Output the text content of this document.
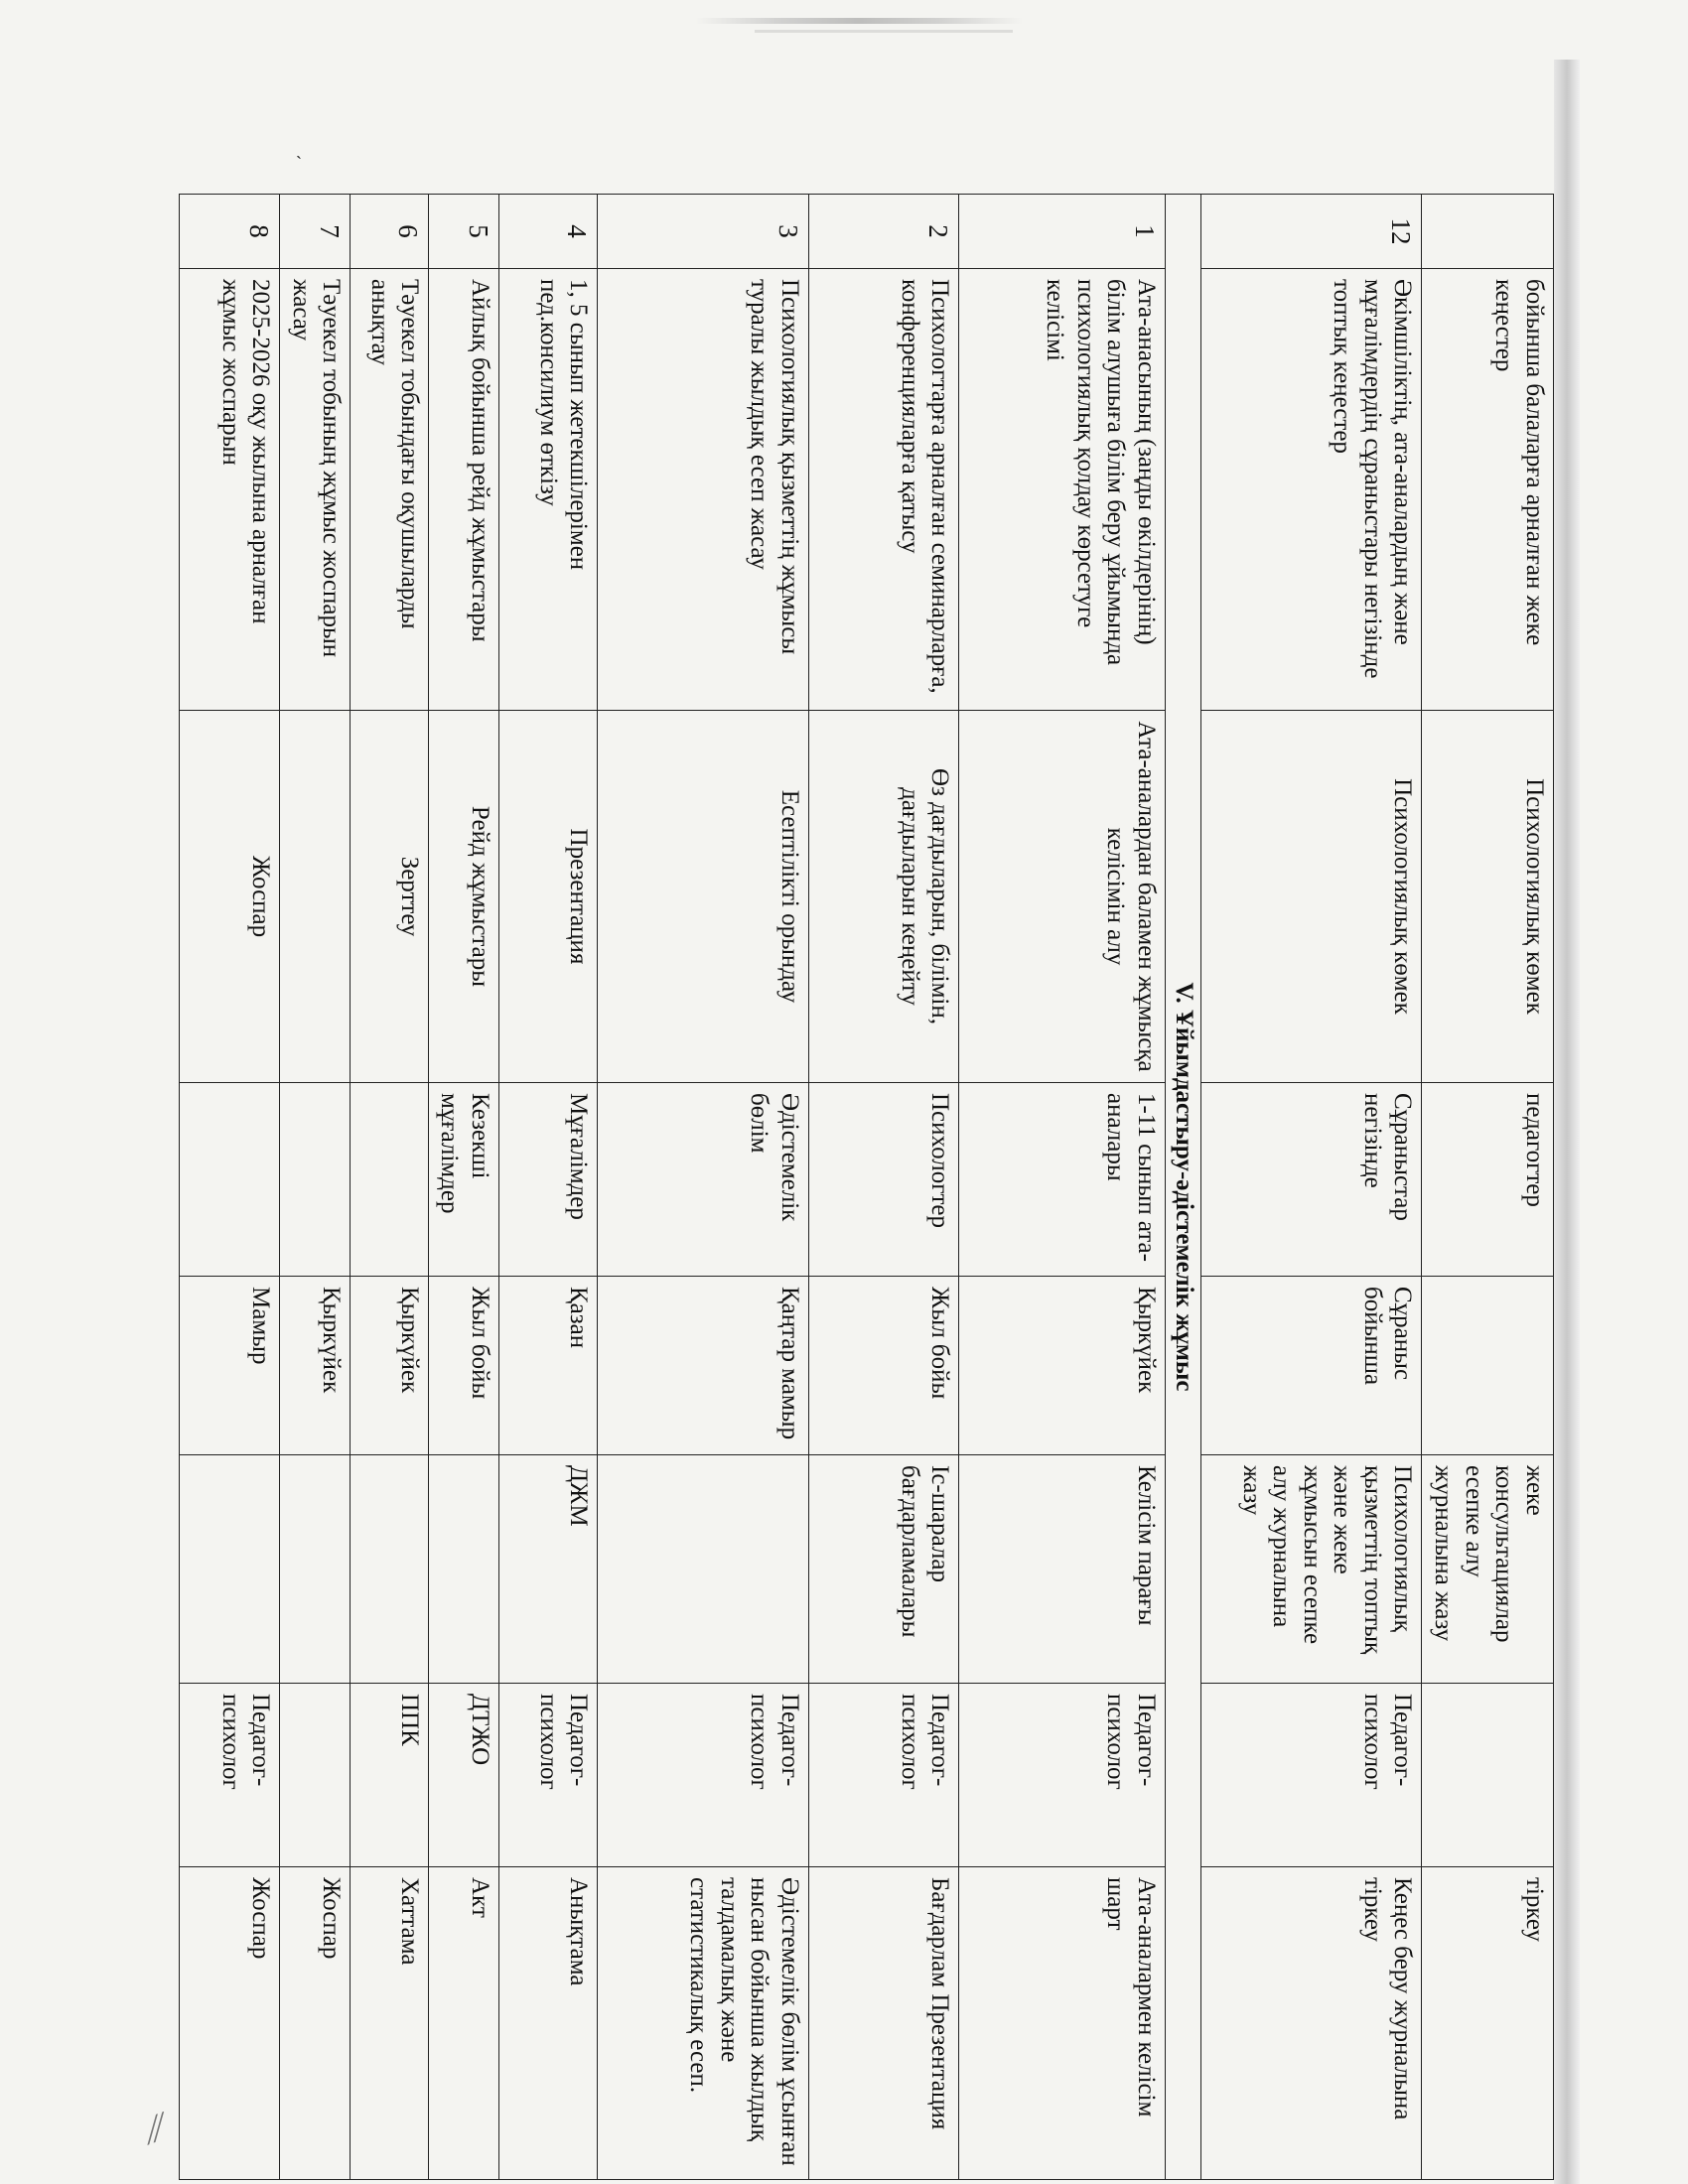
ˏ
⁄⁄
	бойынша балаларға арналған жеке кеңестер	Психологиялық көмек	педагогтер		жеке консультациялар есепке алу журналына жазу		тіркеу
12	Әкімшіліктің, ата-аналардың және мұғалімдердің сұраныстары негізінде топтық кеңестер	Психологиялық көмек	Сұраныстар негізінде	Сұраныс бойынша	Психологиялық қызметтің топтық және жеке жұмысын есепке алу журналына жазу	Педагог-психолог	Кеңес беру журналына тіркеу
V. Ұйымдастыру-әдістемелік жұмыс							
1	Ата-анасының (заңды өкілдерінің) білім алушыға білім беру ұйымында психологиялық қолдау көрсетуге келісімі	Ата-аналардан баламен жұмысқа келісімін алу	1-11 сынып ата-аналары	Қыркүйек	Келісім парағы	Педагог-психолог	Ата-аналармен келісім шарт
2	Психологтарға арналған семинарларға, конференцияларға қатысу	Өз дағдыларын, білімін, дағдыларын кеңейту	Психологтер	Жыл бойы	Іс-шаралар бағдарламалары	Педагог-психолог	Бағдарлам Презентация
3	Психологиялық қызметтің жұмысы туралы жылдық есеп жасау	Есептілікті орындау	Әдістемелік бөлім	Қаңтар мамыр		Педагог-психолог	Әдістемелік бөлім ұсынған нысан бойынша жылдық талдамалық және статистикалық есеп.
4	1, 5 сынып жетекшілерімен пед.консилиум өткізу	Презентация	Мұғалімдер	Қазан	ДЖМ	Педагог-психолог	Анықтама
5	Айлық бойынша рейд жұмыстары	Рейд жұмыстары	Кезекші мұғалімдер	Жыл бойы		ДТЖО	Акт
6	Тәуекел тобындағы оқушыларды анықтау	Зерттеу		Қыркүйек		ППК	Хаттама
7	Тәуекел тобының жұмыс жоспарын жасау			Қыркүйек			Жоспар
8	2025-2026 оқу жылына арналған жұмыс жоспарын	Жоспар		Мамыр		Педагог-психолог	Жоспар
